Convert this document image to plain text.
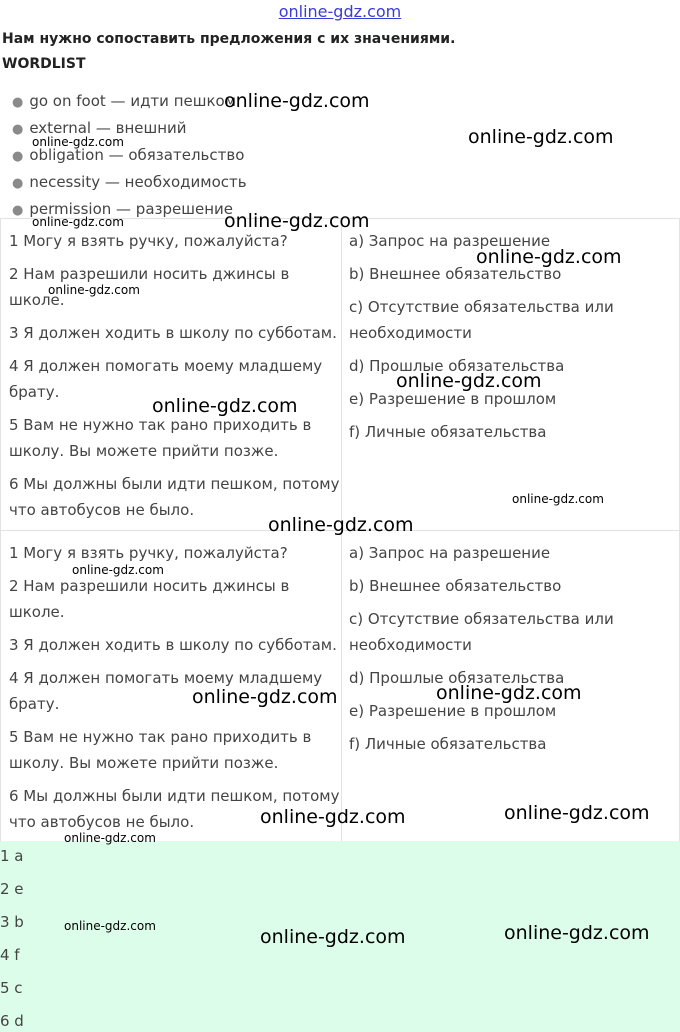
online-gdz.com
Нам нужно сопоставить предложения с их значениями.
WORDLIST
● go on foot — идти пешком
● external — внешний
● obligation — обязательство
● necessity — необходимость
● permission — разрешение
1 Могу я взять ручку, пожалуйста?
2 Нам разрешили носить джинсы в
школе.
3 Я должен ходить в школу по субботам.
4 Я должен помогать моему младшему
брату.
5 Вам не нужно так рано приходить в
школу. Вы можете прийти позже.
6 Мы должны были идти пешком, потому
что автобусов не было.
a) Запрос на разрешение
b) Внешнее обязательство
c) Отсутствие обязательства или
необходимости
d) Прошлые обязательства
e) Разрешение в прошлом
f) Личные обязательства
1 Могу я взять ручку, пожалуйста?
2 Нам разрешили носить джинсы в
школе.
3 Я должен ходить в школу по субботам.
4 Я должен помогать моему младшему
брату.
5 Вам не нужно так рано приходить в
школу. Вы можете прийти позже.
6 Мы должны были идти пешком, потому
что автобусов не было.
a) Запрос на разрешение
b) Внешнее обязательство
c) Отсутствие обязательства или
необходимости
d) Прошлые обязательства
e) Разрешение в прошлом
f) Личные обязательства
1 a
2 e
3 b
4 f
5 c
6 d
online-gdz.com
online-gdz.com
online-gdz.com
online-gdz.com	online-gdz.com
online-gdz.com
online-gdz.com
online-gdz.com
online-gdz.com
online-gdz.com
online-gdz.com
online-gdz.com
online-gdz.com
online-gdz.com
online-gdz.com
online-gdz.com
online-gdz.com
online-gdz.com	online-gdz.com
online-gdz.com
